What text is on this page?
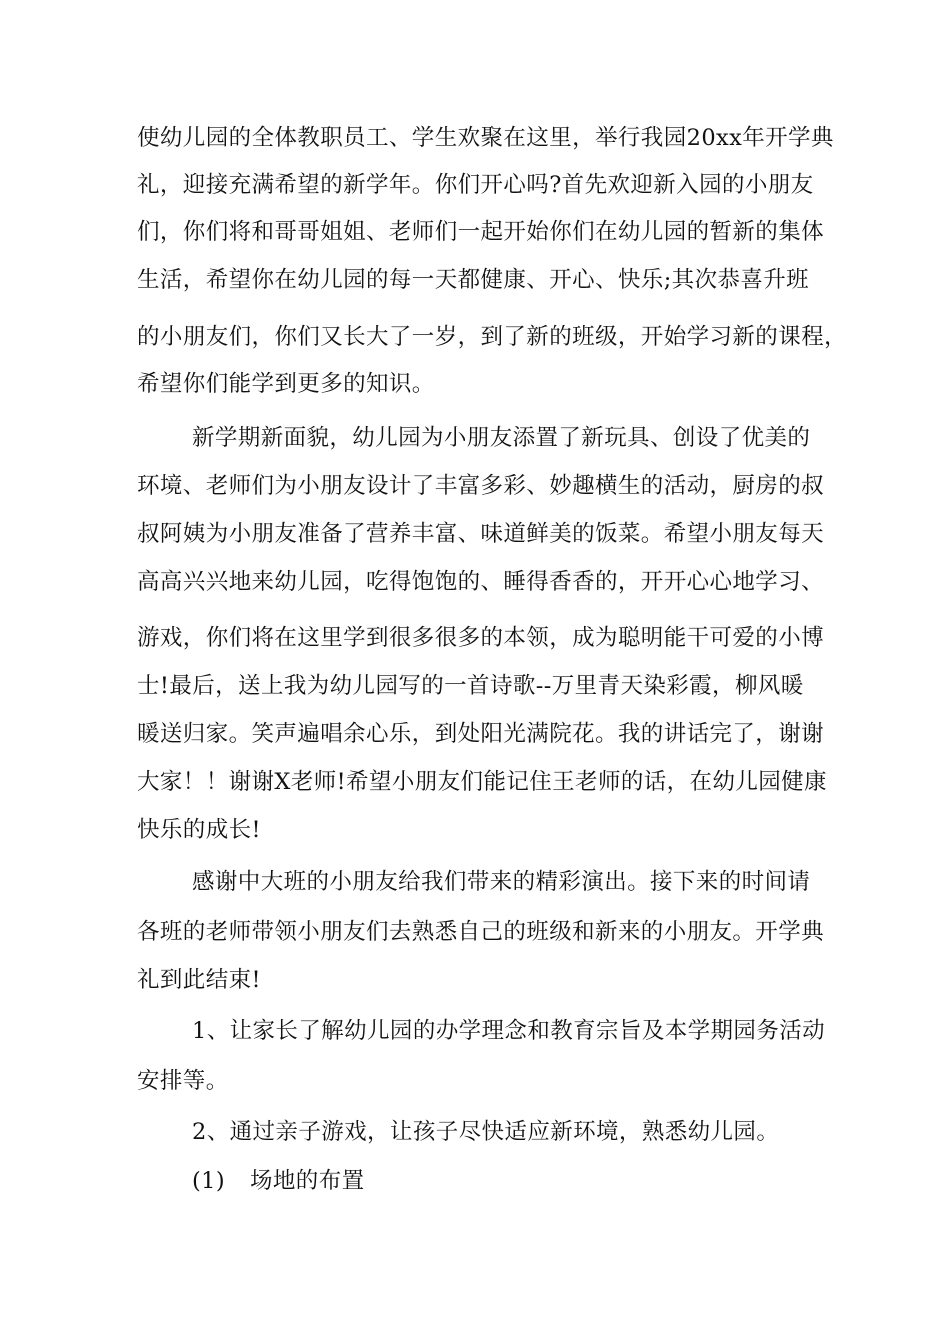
使幼儿园的全体教职员工、学生欢聚在这里，举行我园20xx年开学典

礼，迎接充满希望的新学年。你们开心吗?首先欢迎新入园的小朋友

们，你们将和哥哥姐姐、老师们一起开始你们在幼儿园的暂新的集体

生活，希望你在幼儿园的每一天都健康、开心、快乐;其次恭喜升班

的小朋友们，你们又长大了一岁，到了新的班级，开始学习新的课程，

希望你们能学到更多的知识。

新学期新面貌，幼儿园为小朋友添置了新玩具、创设了优美的

环境、老师们为小朋友设计了丰富多彩、妙趣横生的活动，厨房的叔

叔阿姨为小朋友准备了营养丰富、味道鲜美的饭菜。希望小朋友每天

高高兴兴地来幼儿园，吃得饱饱的、睡得香香的，开开心心地学习、

游戏，你们将在这里学到很多很多的本领，成为聪明能干可爱的小博

士!最后，送上我为幼儿园写的一首诗歌--万里青天染彩霞，柳风暖

暖送归家。笑声遍唱余心乐，到处阳光满院花。我的讲话完了，谢谢

大家！！谢谢X老师!希望小朋友们能记住王老师的话，在幼儿园健康

快乐的成长!

感谢中大班的小朋友给我们带来的精彩演出。接下来的时间请

各班的老师带领小朋友们去熟悉自己的班级和新来的小朋友。开学典

礼到此结束!

1、让家长了解幼儿园的办学理念和教育宗旨及本学期园务活动

安排等。

2、通过亲子游戏，让孩子尽快适应新环境，熟悉幼儿园。

(1) 场地的布置
